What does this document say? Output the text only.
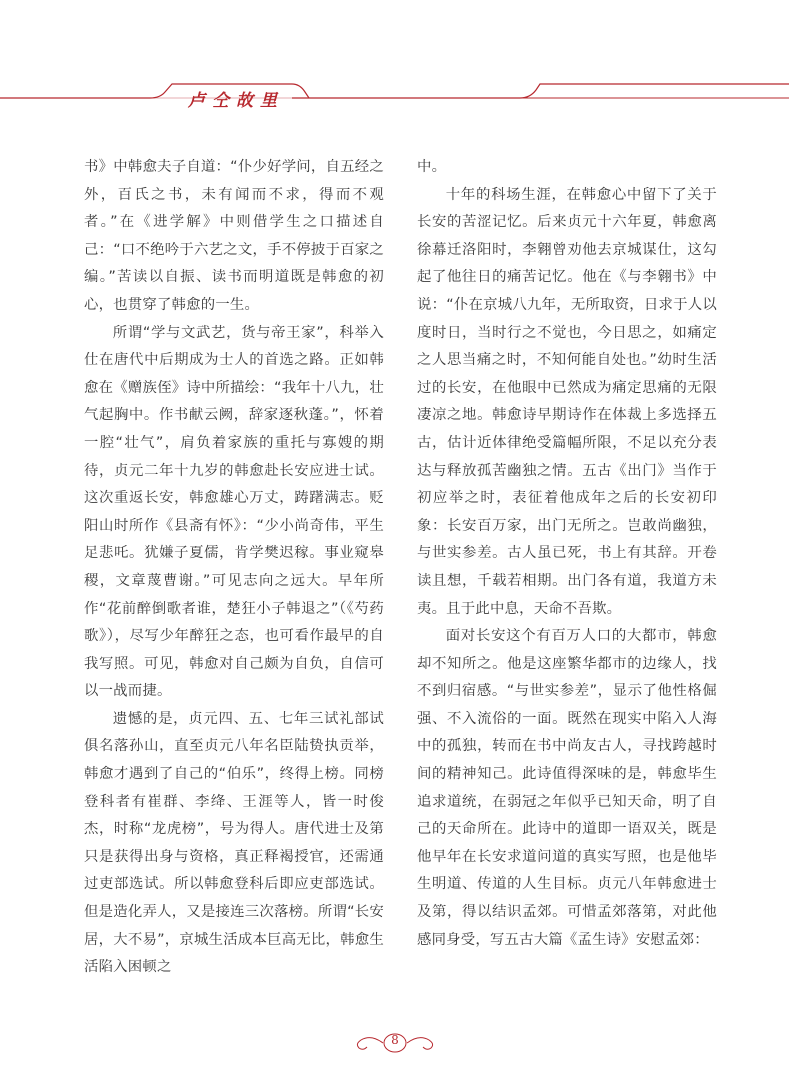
卢仝故里

书》中韩愈夫子自道：“仆少好学问，自五经之外，百氏之书，未有闻而不求，得而不观者。”在《进学解》中则借学生之口描述自己：“口不绝吟于六艺之文，手不停披于百家之编。”苦读以自振、读书而明道既是韩愈的初心，也贯穿了韩愈的一生。

所谓“学与文武艺，货与帝王家”，科举入仕在唐代中后期成为士人的首选之路。正如韩愈在《赠族侄》诗中所描绘：“我年十八九，壮气起胸中。作书献云阙，辞家逐秋蓬。”，怀着一腔“壮气”，肩负着家族的重托与寡嫂的期待，贞元二年十九岁的韩愈赴长安应进士试。这次重返长安，韩愈雄心万丈，踌躇满志。贬阳山时所作《县斋有怀》：“少小尚奇伟，平生足悲吒。犹嫌子夏儒，肯学樊迟稼。事业窥皋稷，文章蔑曹谢。”可见志向之远大。早年所作“花前醉倒歌者谁，楚狂小子韩退之”（《芍药歌》），尽写少年醉狂之态，也可看作最早的自我写照。可见，韩愈对自己颇为自负，自信可以一战而捷。

遗憾的是，贞元四、五、七年三试礼部试俱名落孙山，直至贞元八年名臣陆贽执贡举，韩愈才遇到了自己的“伯乐”，终得上榜。同榜登科者有崔群、李绛、王涯等人，皆一时俊杰，时称“龙虎榜”，号为得人。唐代进士及第只是获得出身与资格，真正释褐授官，还需通过吏部选试。所以韩愈登科后即应吏部选试。但是造化弄人，又是接连三次落榜。所谓“长安居，大不易”，京城生活成本巨高无比，韩愈生活陷入困顿之

中。

十年的科场生涯，在韩愈心中留下了关于长安的苦涩记忆。后来贞元十六年夏，韩愈离徐幕迁洛阳时，李翱曾劝他去京城谋仕，这勾起了他往日的痛苦记忆。他在《与李翱书》中说：“仆在京城八九年，无所取资，日求于人以度时日，当时行之不觉也，今日思之，如痛定之人思当痛之时，不知何能自处也。”幼时生活过的长安，在他眼中已然成为痛定思痛的无限凄凉之地。韩愈诗早期诗作在体裁上多选择五古，估计近体律绝受篇幅所限，不足以充分表达与释放孤苦幽独之情。五古《出门》当作于初应举之时，表征着他成年之后的长安初印象：长安百万家，出门无所之。岂敢尚幽独，与世实参差。古人虽已死，书上有其辞。开卷读且想，千载若相期。出门各有道，我道方未夷。且于此中息，天命不吾欺。

面对长安这个有百万人口的大都市，韩愈却不知所之。他是这座繁华都市的边缘人，找不到归宿感。“与世实参差”，显示了他性格倔强、不入流俗的一面。既然在现实中陷入人海中的孤独，转而在书中尚友古人，寻找跨越时间的精神知己。此诗值得深味的是，韩愈毕生追求道统，在弱冠之年似乎已知天命，明了自己的天命所在。此诗中的道即一语双关，既是他早年在长安求道问道的真实写照，也是他毕生明道、传道的人生目标。贞元八年韩愈进士及第，得以结识孟郊。可惜孟郊落第，对此他感同身受，写五古大篇《孟生诗》安慰孟郊：

8
